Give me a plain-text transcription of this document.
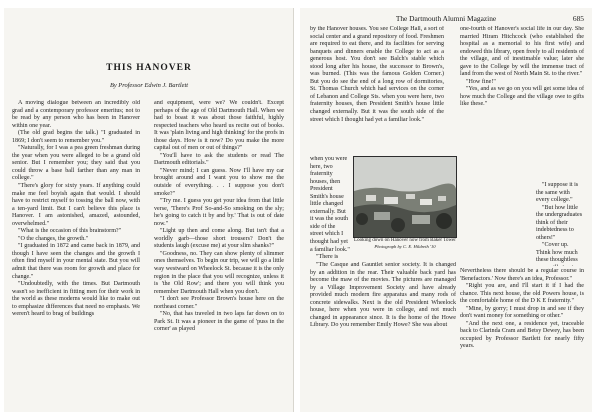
THIS HANOVER
By Professor Edwin J. Bartlett

A moving dialogue between an incredibly old grad and a contemporary professor emeritus; not to be read by any person who has been in Hanover within one year.

(The old grad begins the talk.) "I graduated in 1869; I don't seem to remember you."

"Naturally, for I was a pea green freshman during the year when you were alleged to be a grand old senior. But I remember you; they said that you could throw a base ball farther than any man in college."

"There's glory for sixty years. If anything could make me feel boyish again that would. I should have to restrict myself to tossing the ball now, with a ten-yard limit. But I can't believe this place is Hanover. I am astonished, amazed, astounded, overwhelmed."

"What is the occasion of this brainstorm?"

"O the changes, the growth."

"I graduated in 1872 and came back in 1879, and though I have seen the changes and the growth I often find myself in your mental state. But you will admit that there was room for growth and place for change."

"Undoubtedly, with the times. But Dartmouth wasn't so inefficient in fitting men for their work in the world as these moderns would like to make out to emphasize differences that need no emphasis. We weren't heard to brag of buildings

and equipment, were we? We couldn't. Except perhaps of the age of Old Dartmouth Hall. When we had to boast it was about those faithful, highly respected teachers who heard us recite out of books. It was 'plain living and high thinking' for the profs in those days. How is it now? Do you make the more capital out of men or out of things?"

"You'll have to ask the students or read The Dartmouth editorials."

"Never mind; I can guess. Now I'll have my car brought around and I want you to show me the outside of everything. . . I suppose you don't smoke?"

"Try me. I guess you get your idea from that little verse, 'There's Prof So-and-So smoking on the sly; he's going to catch it by and by.' That is out of date now."

"Light up then and come along. But isn't that a worldly garb—those short trousers? Don't the students laugh (excuse me) at your slim shanks?"

"Goodness, no. They can show plenty of slimmer ones themselves. To begin our trip, we will go a little way westward on Wheelock St. because it is the only region in the place that you will recognize, unless it is 'the Old Row'; and there you will think you remember Dartmouth Hall when you don't.

"I don't see Professor Brown's house here on the northeast corner."

"No, that has traveled in two laps far down on to Park St. It was a pioneer in the game of 'puss in the corner' as played

The Dartmouth Alumni Magazine	685

by the Hanover houses. You see College Hall, a sort of social center and a grand repository of food. Freshmen are required to eat there, and its facilities for serving banquets and dinners enable the College to act as a generous host. You don't see Balch's stable which stood long after his house, the successor to Brown's, was burned. (This was the famous Golden Corner.) But you do see the end of a long row of dormitories, St. Thomas Church which had services on the corner of Lebanon and College Sts. when you were here, two fraternity houses, then President Smith's house little changed externally. But it was the south side of the street which I thought had yet a familiar look."

when you were here, two fraternity houses, then President Smith's house little changed externally. But it was the south side of the street which I thought had yet a familiar look."

"There is

Looking down on Hanover now from Baker Tower
Photograph by C. E. Hildreth '10

"The Casque and Gauntlet senior society. It is changed by an addition in the rear. Their valuable back yard has become the maw of the movies. The pictures are managed by a Village Improvement Society and have already provided much modern fire apparatus and many rods of concrete sidewalks. Next is the old President Wheelock house, here when you were in college, and not much changed in appearance since. It is the home of the Howe Library. Do you remember Emily Howe? She was about

one-fourth of Hanover's social life in our day. She married Hiram Hitchcock (who established the hospital as a memorial to his first wife) and endowed this library, open freely to all residents of the village, and of inestimable value; later she gave to the College by will the immense tract of land from the west of North Main St. to the river."

"How fine!"

"Yes, and as we go on you will get some idea of how much the College and the village owe to gifts like these."

"I suppose it is the same with every college."

"But how little the undergraduates think of their indebtedness to others!"

"Cover up. Think how much these thoughtless

Nevertheless there should be a regular course in 'Benefactors.' Now there's an idea, Professor."

"Right you are, and I'll start it if I had the chance. This next house, the old Powers house, is the comfortable home of the D K E fraternity."

"Mine, by gorry; I must drop in and see if they don't want money for something or other."

"And the next one, a residence yet, traceable back to Clarinda Cram and Betsy Dewey, has been occupied by Professor Bartlett for nearly fifty years.
